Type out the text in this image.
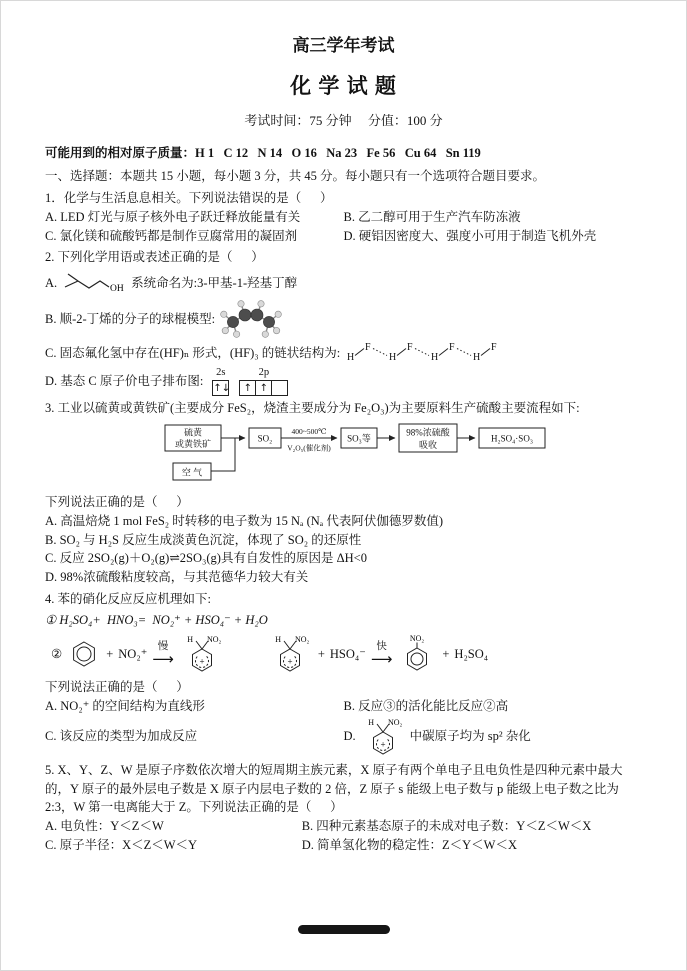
高三学年考试
化 学 试 题
考试时间：75 分钟     分值：100 分
可能用到的相对原子质量：H 1   C 12   N 14   O 16   Na 23   Fe 56   Cu 64   Sn 119
一、选择题：本题共 15 小题，每小题 3 分，共 45 分。每小题只有一个选项符合题目要求。
1．化学与生活息息相关。下列说法错误的是（      ）
A. LED 灯光与原子核外电子跃迁释放能量有关	B. 乙二醇可用于生产汽车防冻液
C. 氯化镁和硫酸钙都是制作豆腐常用的凝固剂	D. 硬铝因密度大、强度小可用于制造飞机外壳
2. 下列化学用语或表述正确的是（      ）
A.	OH 系统命名为:3-甲基-1-羟基丁醇
B. 顺-2-丁烯的分子的球棍模型:
C. 固态氟化氢中存在(HF)ₙ 形式，(HF)₃ 的链状结构为: H
F
H
F
H
F
H
F
D. 基态 C 原子价电子排布图:
2s
↑↓
2p
↑ ↑
3. 工业以硫黄或黄铁矿(主要成分 FeS₂，烧渣主要成分为 Fe₂O₃)为主要原料生产硫酸主要流程如下:
硫黄
或黄铁矿
空 气
SO₂
400~500℃
V₂O₅(催化剂)
SO₃等
98%浓硫酸
吸收
H₂SO₄·SO₃
下列说法正确的是（      ）
A. 高温焙烧 1 mol FeS₂ 时转移的电子数为 15 Nₐ (Nₐ 代表阿伏伽德罗数值)
B. SO₂ 与 H₂S 反应生成淡黄色沉淀，体现了 SO₂ 的还原性
C. 反应 2SO₂(g)＋O₂(g)⇌2SO₃(g)具有自发性的原因是 ΔH<0
D. 98%浓硫酸粘度较高，与其范德华力较大有关
4. 苯的硝化反应反应机理如下:
① H₂SO₄+  HNO₃=  NO₂⁺ + HSO₄⁻ + H₂O
②	+ NO₂⁺
慢
⟶
H NO₂
+
H NO₂
+
+ HSO₄⁻
快
⟶
NO₂
+ H₂SO₄
下列说法正确的是（      ）
A. NO₂⁺ 的空间结构为直线形	B. 反应③的活化能比反应②高
C. 该反应的类型为加成反应	D.
H NO₂
+
中碳原子均为 sp² 杂化
5. X、Y、Z、W 是原子序数依次增大的短周期主族元素，X 原子有两个单电子且电负性是四种元素中最大的，Y 原子的最外层电子数是 X 原子内层电子数的 2 倍，Z 原子 s 能级上电子数与 p 能级上电子数之比为 2:3，W 第一电离能大于 Z。下列说法正确的是（      ）
A. 电负性：Y＜Z＜W	B. 四种元素基态原子的未成对电子数：Y＜Z＜W＜X
C. 原子半径：X＜Z＜W＜Y	D. 简单氢化物的稳定性：Z＜Y＜W＜X
